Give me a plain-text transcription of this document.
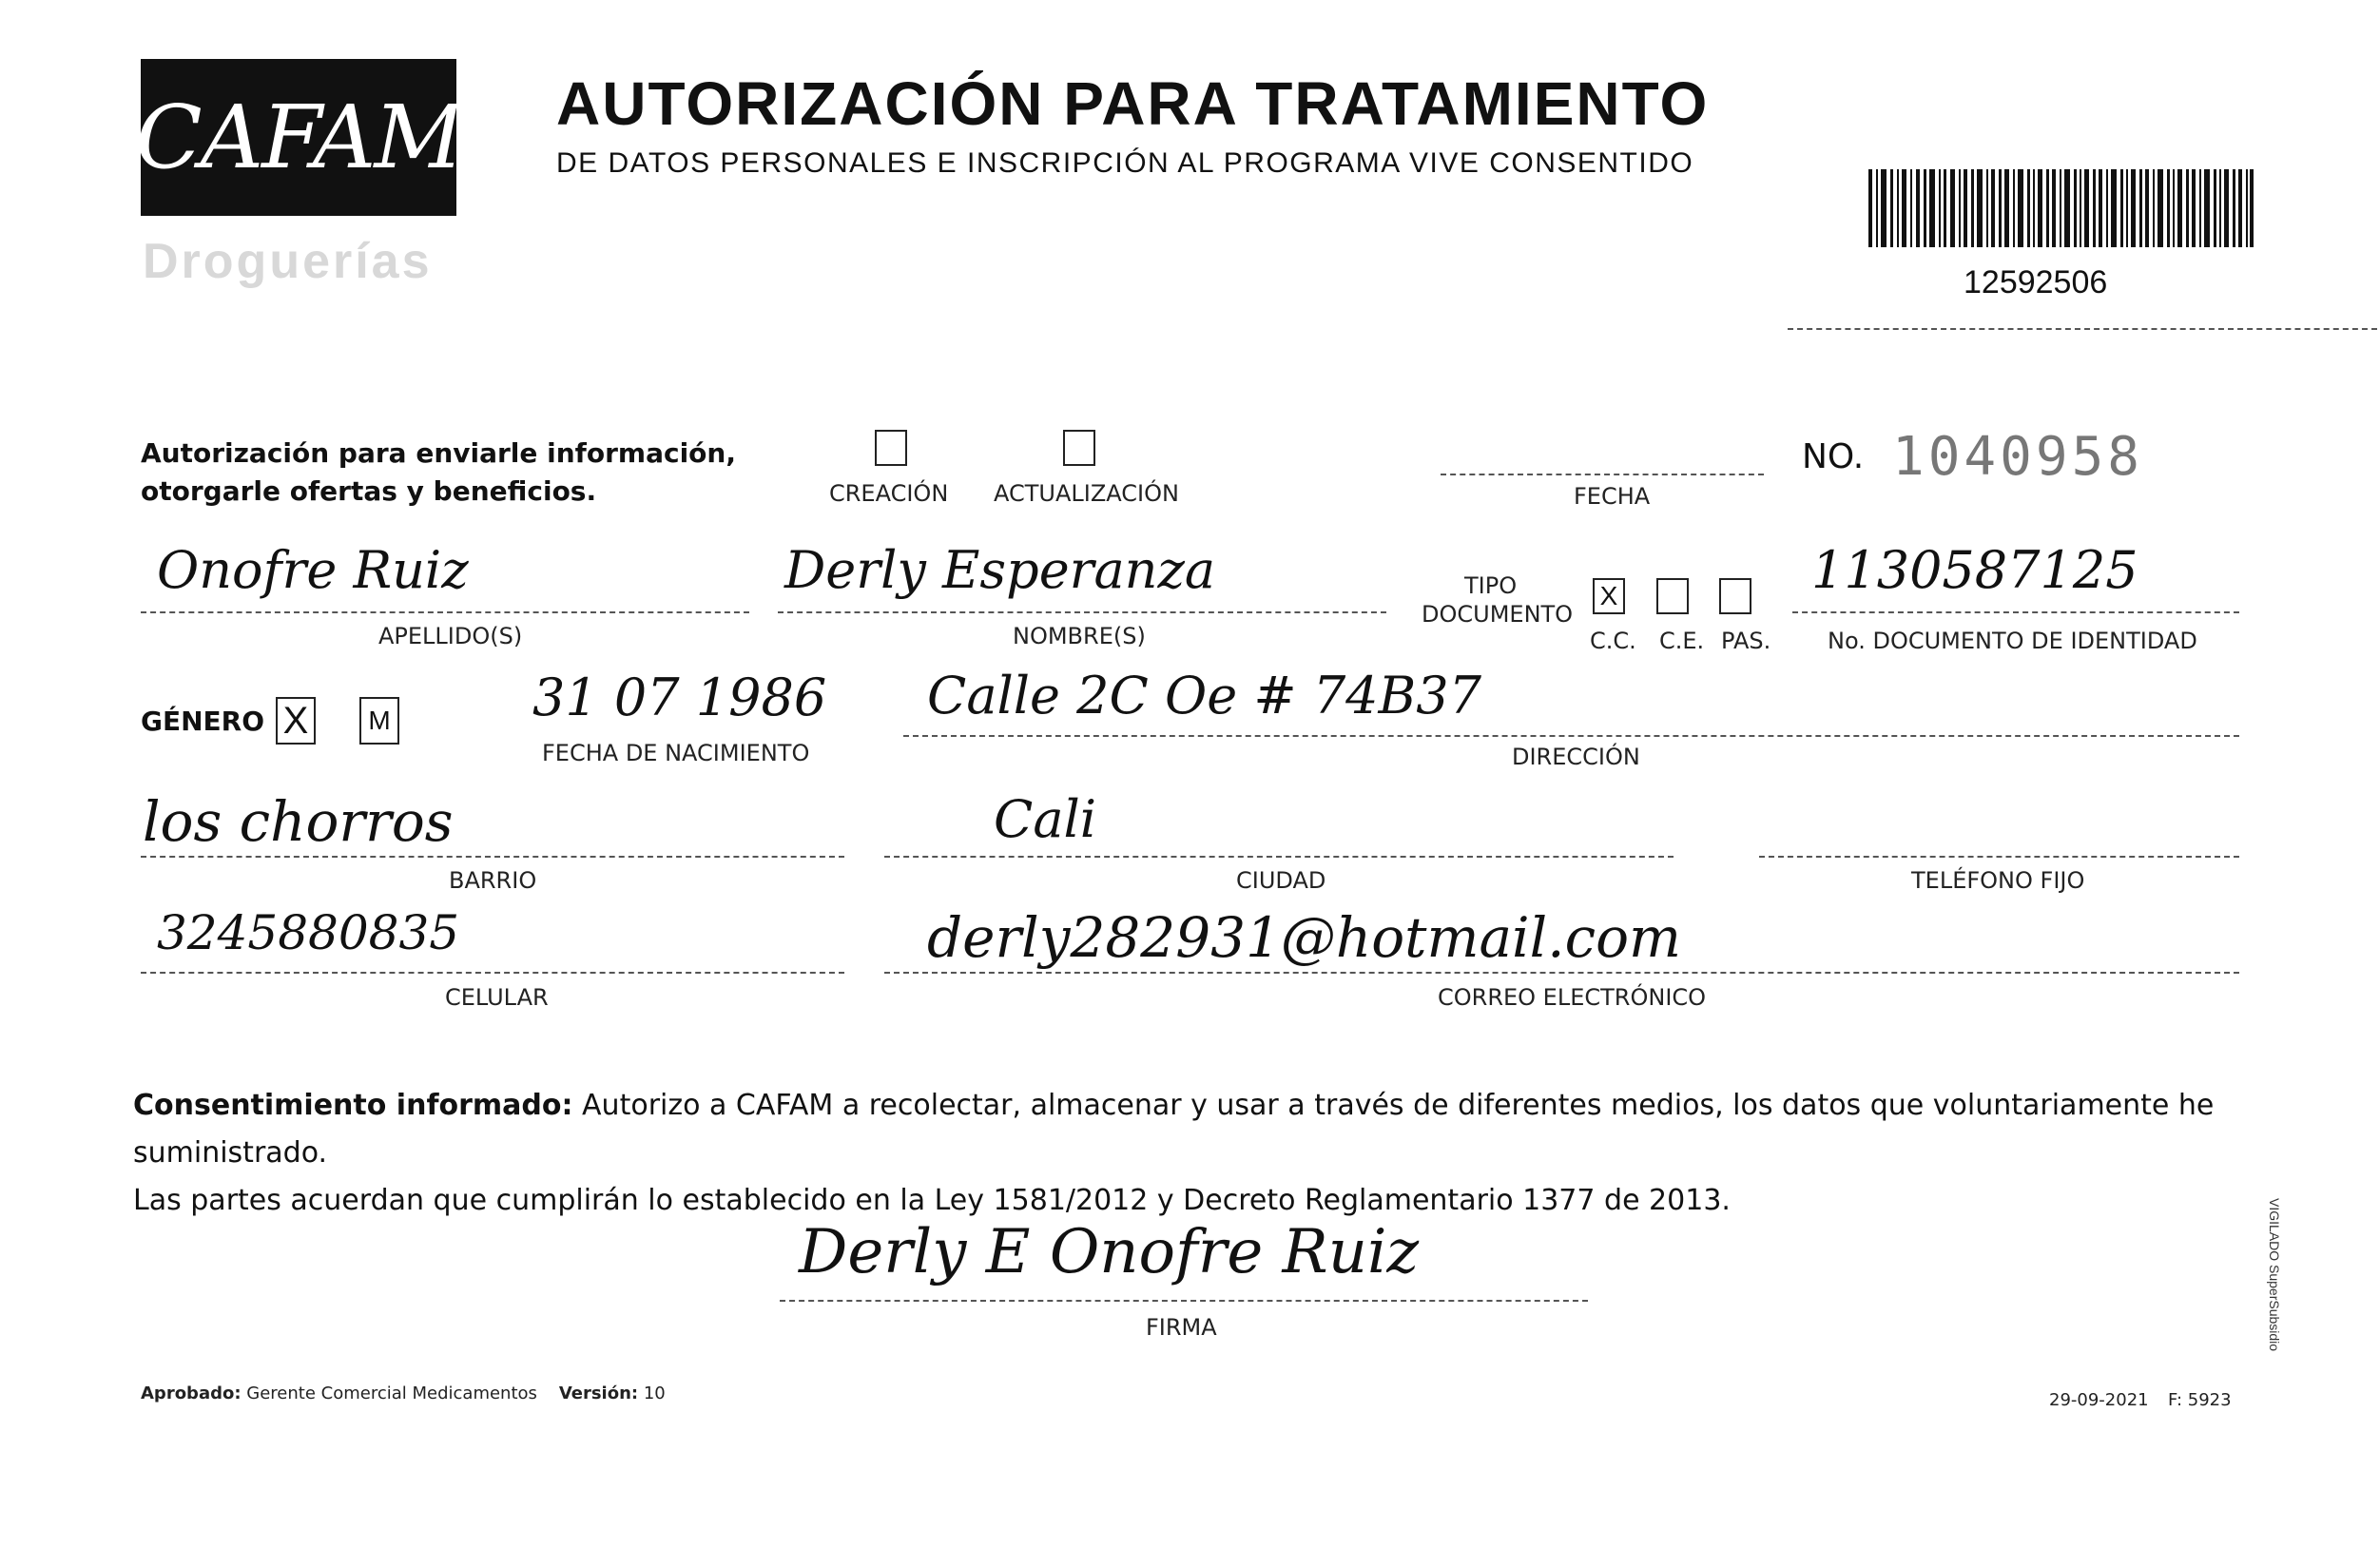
CAFAM
Droguerías
AUTORIZACIÓN PARA TRATAMIENTO
DE DATOS PERSONALES E INSCRIPCIÓN AL PROGRAMA VIVE CONSENTIDO
12592506
Autorización para enviarle información,
otorgarle ofertas y beneficios.	CREACIÓN ACTUALIZACIÓN	FECHA
NO. 1040958
Onofre Ruiz
APELLIDO(S)
Derly Esperanza
NOMBRE(S)
TIPO
DOCUMENTO
X
C.C. C.E. PAS.
1130587125
No. DOCUMENTO DE IDENTIDAD
GÉNERO X M	31 07 1986
FECHA DE NACIMIENTO
Calle 2C Oe # 74B37
DIRECCIÓN
los chorros
BARRIO
Cali
CIUDAD	TELÉFONO FIJO
3245880835
CELULAR
derly282931@hotmail.com
CORREO ELECTRÓNICO
Consentimiento informado: Autorizo a CAFAM a recolectar, almacenar y usar a través de diferentes medios, los datos que voluntariamente he suministrado.
Las partes acuerdan que cumplirán lo establecido en la Ley 1581/2012 y Decreto Reglamentario 1377 de 2013.
Derly E Onofre Ruiz
FIRMA
Aprobado: Gerente Comercial Medicamentos Versión: 10	29-09-2021 F: 5923
VIGILADO SuperSubsidio
